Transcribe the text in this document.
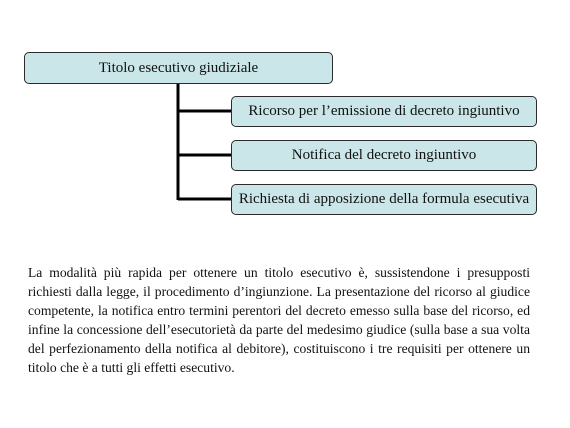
Titolo esecutivo giudiziale
Ricorso per l’emissione di decreto ingiuntivo
Notifica del decreto ingiuntivo
Richiesta di apposizione della formula esecutiva

La modalità più rapida per ottenere un titolo esecutivo è, sussistendone i presupposti richiesti dalla legge, il procedimento d’ingiunzione. La presentazione del ricorso al giudice competente, la notifica entro termini perentori del decreto emesso sulla base del ricorso, ed infine la concessione dell’esecutorietà da parte del medesimo giudice (sulla base a sua volta del perfezionamento della notifica al debitore), costituiscono i tre requisiti per ottenere un titolo che è a tutti gli effetti esecutivo.
